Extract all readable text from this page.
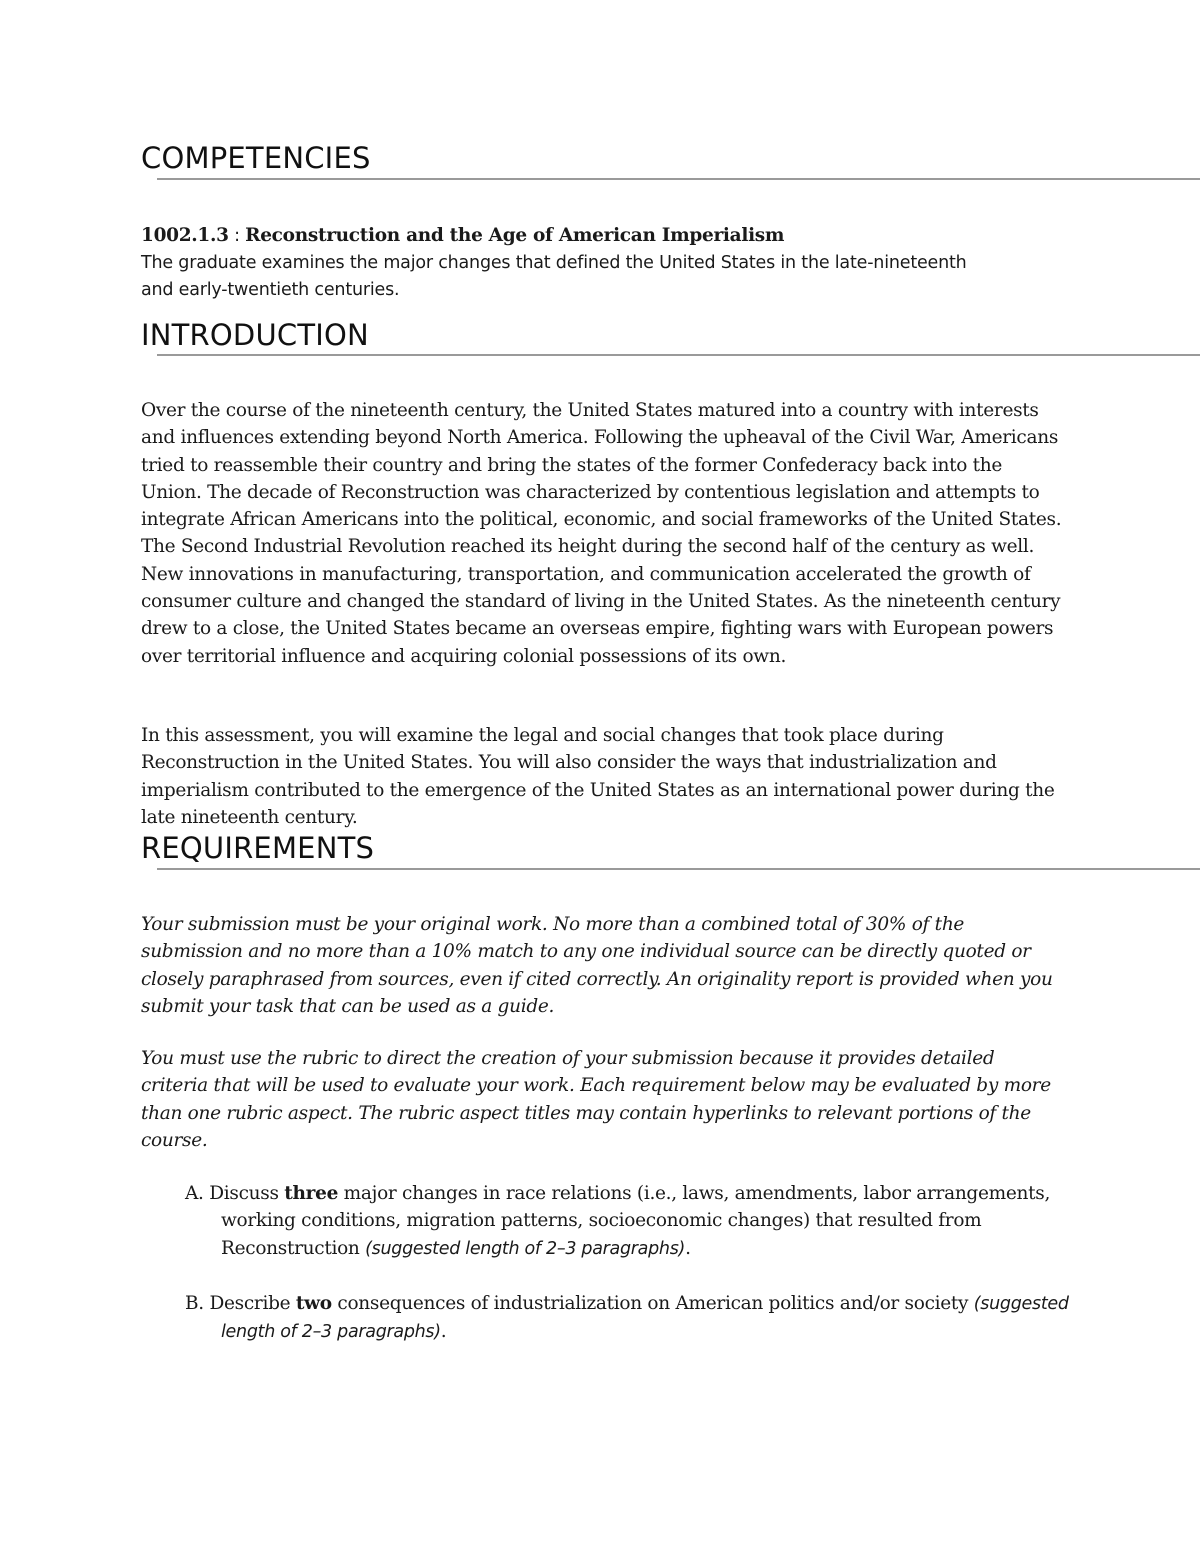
COMPETENCIES

1002.1.3 : Reconstruction and the Age of American Imperialism

The graduate examines the major changes that defined the United States in the late-nineteenth
and early-twentieth centuries.

INTRODUCTION

Over the course of the nineteenth century, the United States matured into a country with interests and influences extending beyond North America. Following the upheaval of the Civil War, Americans tried to reassemble their country and bring the states of the former Confederacy back into the Union. The decade of Reconstruction was characterized by contentious legislation and attempts to integrate African Americans into the political, economic, and social frameworks of the United States. The Second Industrial Revolution reached its height during the second half of the century as well. New innovations in manufacturing, transportation, and communication accelerated the growth of consumer culture and changed the standard of living in the United States. As the nineteenth century drew to a close, the United States became an overseas empire, fighting wars with European powers over territorial influence and acquiring colonial possessions of its own.

In this assessment, you will examine the legal and social changes that took place during Reconstruction in the United States. You will also consider the ways that industrialization and imperialism contributed to the emergence of the United States as an international power during the late nineteenth century.

REQUIREMENTS

Your submission must be your original work. No more than a combined total of 30% of the submission and no more than a 10% match to any one individual source can be directly quoted or closely paraphrased from sources, even if cited correctly. An originality report is provided when you submit your task that can be used as a guide.

You must use the rubric to direct the creation of your submission because it provides detailed criteria that will be used to evaluate your work. Each requirement below may be evaluated by more than one rubric aspect. The rubric aspect titles may contain hyperlinks to relevant portions of the course.

A. Discuss three major changes in race relations (i.e., laws, amendments, labor arrangements, working conditions, migration patterns, socioeconomic changes) that resulted from Reconstruction (suggested length of 2–3 paragraphs).

B. Describe two consequences of industrialization on American politics and/or society (suggested length of 2–3 paragraphs).
